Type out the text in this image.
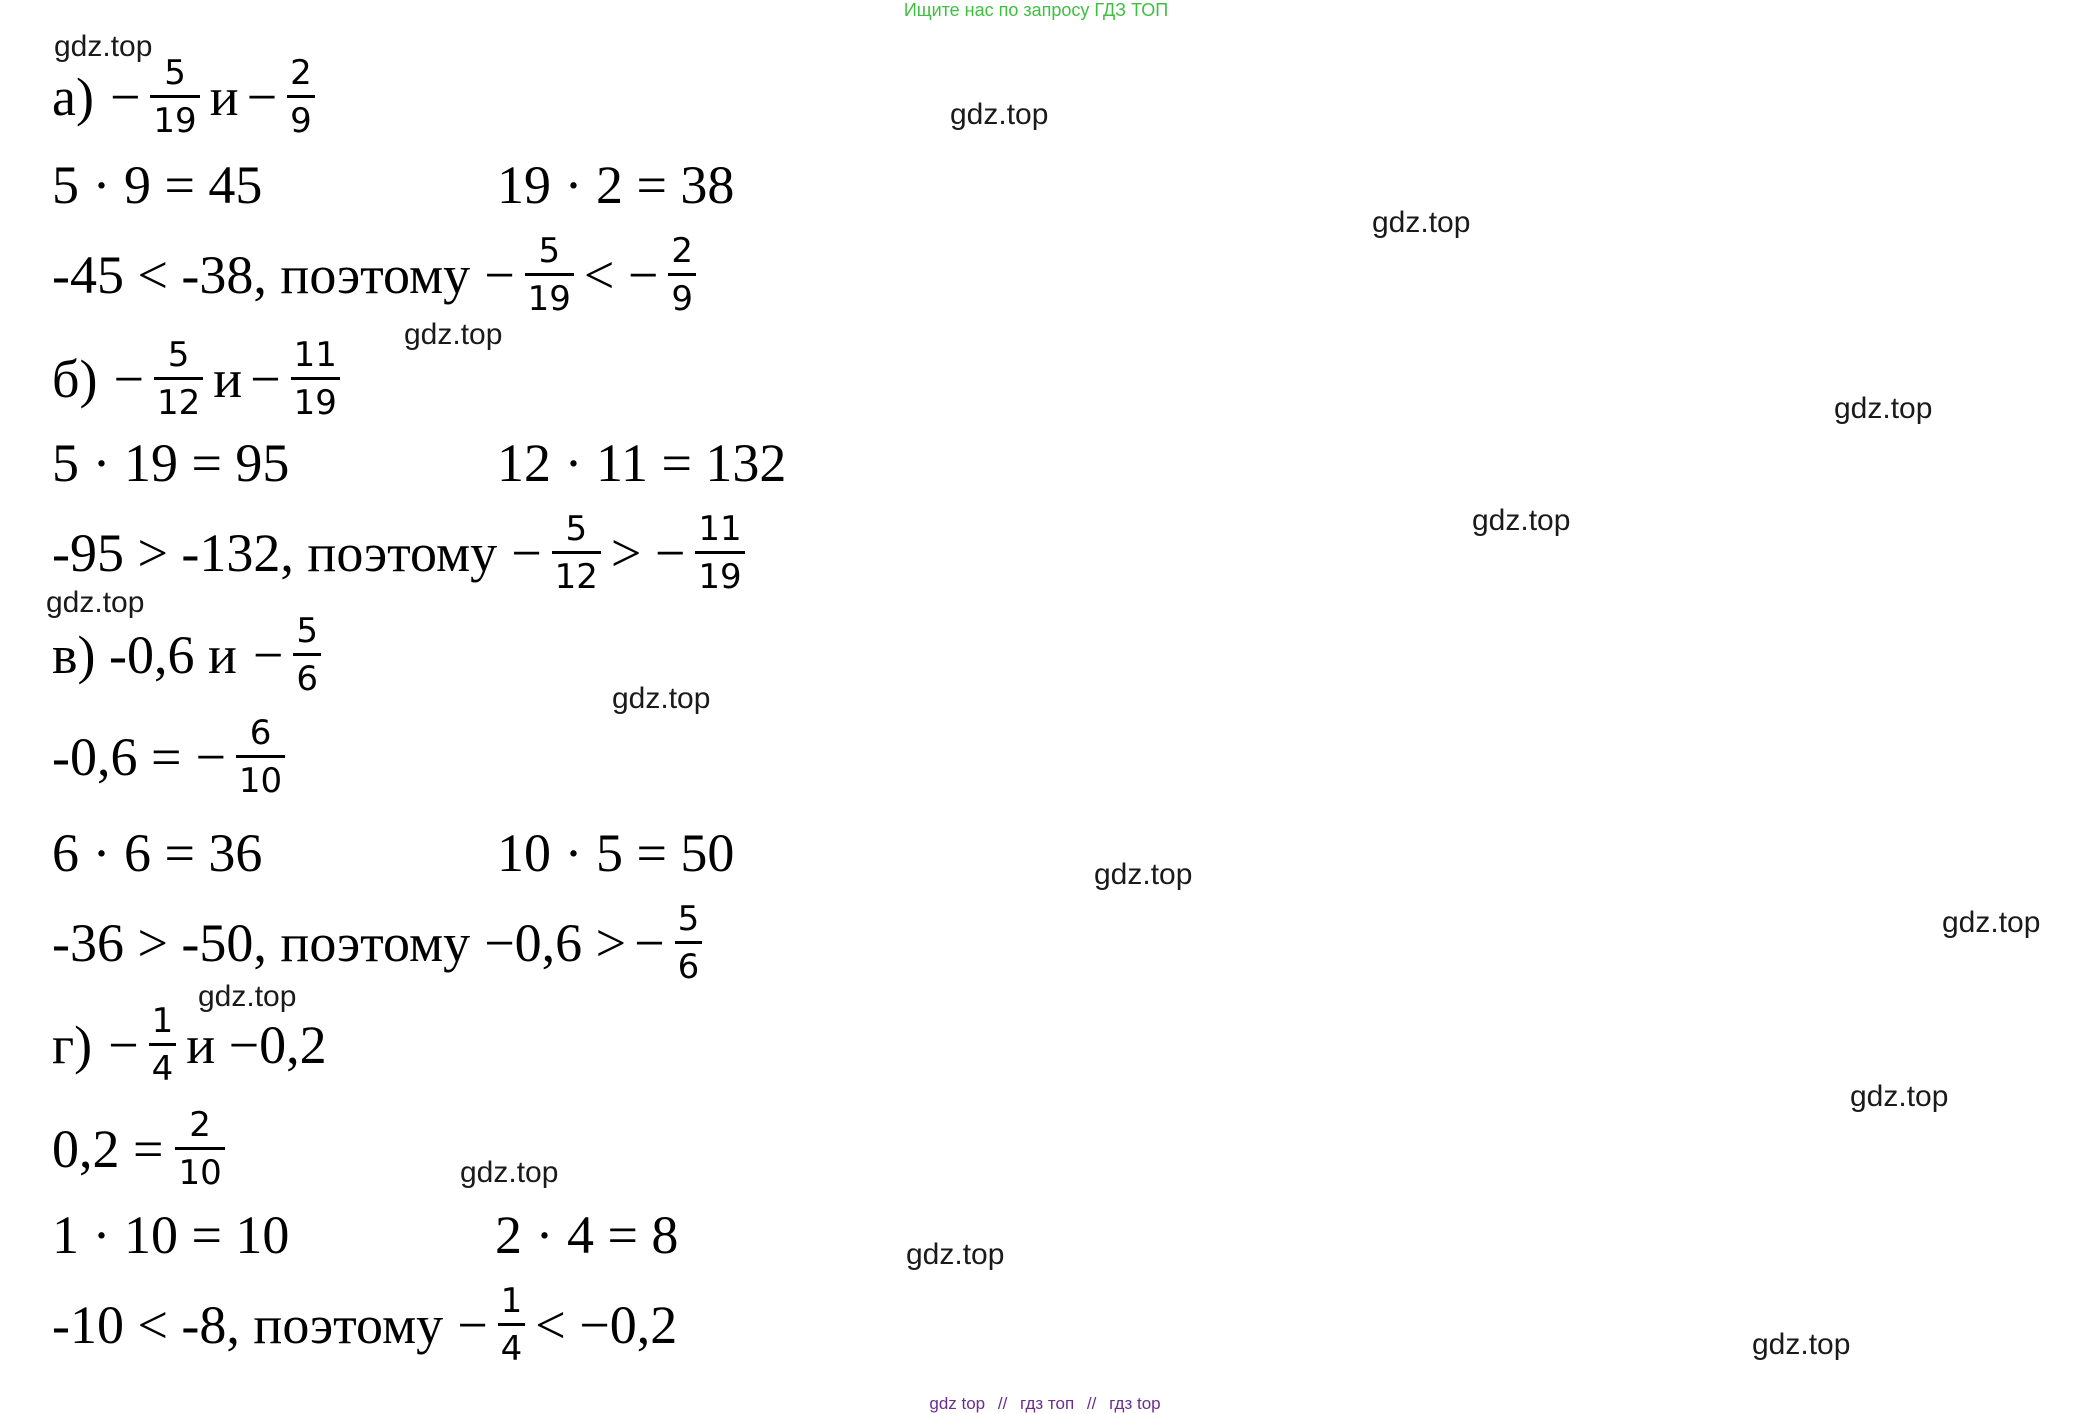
Ищите нас по запросу ГДЗ ТОП
gdz.top
gdz.top
gdz.top
gdz.top
gdz.top
gdz.top
gdz.top
gdz.top
gdz.top
gdz.top
gdz.top
gdz.top
gdz.top
gdz.top
gdz.top
$а) - \frac{5}{19}$ $и - \frac{2}{9}$
5 · 9 = 45	19 · 2 = 38
-45 < -38, поэтому − $\frac{5}{19}$ < − $\frac{2}{9}$
$б) - \frac{5}{12}$ $и - \frac{11}{19}$
5 · 19 = 95	12 · 11 = 132
-95 > -132, поэтому − $\frac{5}{12}$ > − $\frac{11}{19}$
в) -0,6 $и - \frac{5}{6}$
-0,6 = − $\frac{6}{10}$
6 · 6 = 36	10 · 5 = 50
-36 > -50, поэтому −0,6 > − $\frac{5}{6}$
$г) - \frac{1}{4}$ и −0,2
$0,2 = \frac{2}{10}$
1 · 10 = 10	2 · 4 = 8
-10 < -8, поэтому − $\frac{1}{4} < -0,2$
gdz top // гдз топ // гдз top
